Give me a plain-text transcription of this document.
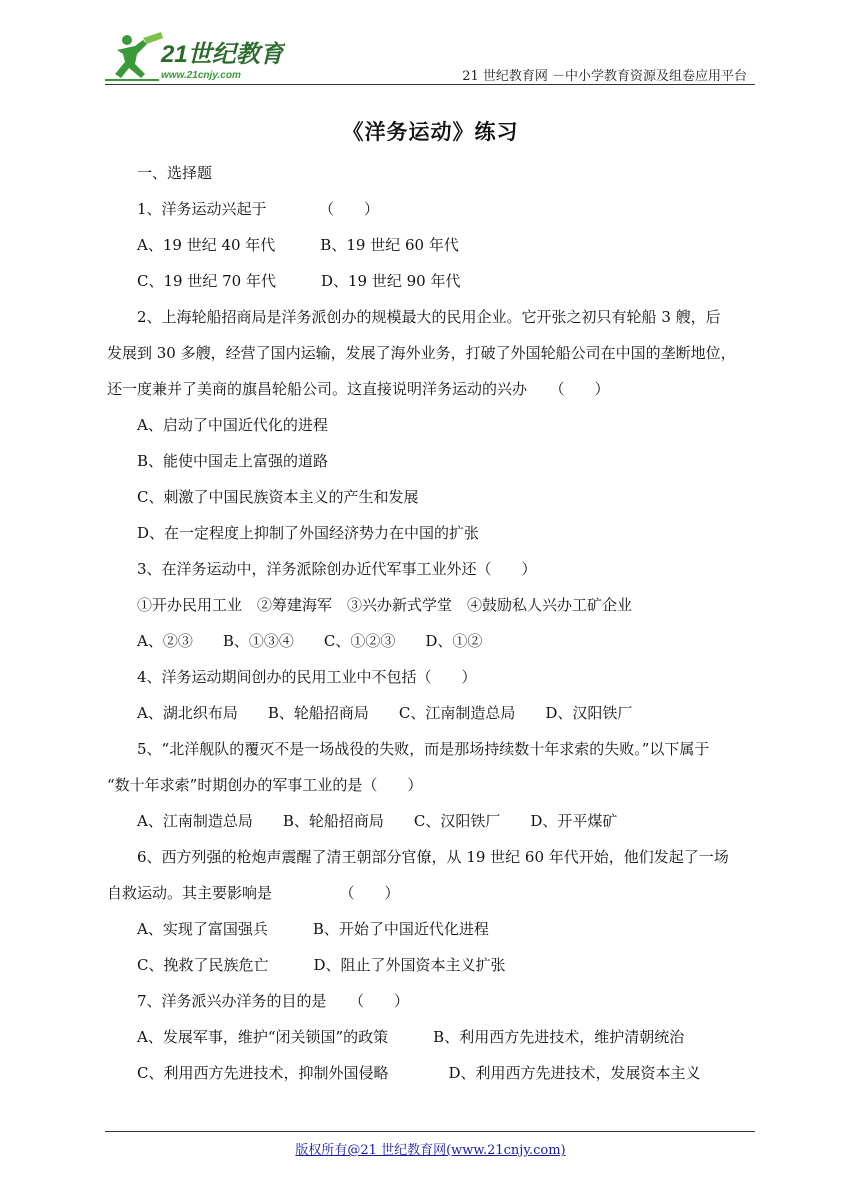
21世纪教育
www.21cnjy.com	21 世纪教育网 －中小学教育资源及组卷应用平台
《洋务运动》练习
一、选择题
1、洋务运动兴起于　　　　（　　）
A、19 世纪 40 年代　　　B、19 世纪 60 年代
C、19 世纪 70 年代　　　D、19 世纪 90 年代
2、上海轮船招商局是洋务派创办的规模最大的民用企业。它开张之初只有轮船 3 艘，后
发展到 30 多艘，经营了国内运输，发展了海外业务，打破了外国轮船公司在中国的垄断地位，
还一度兼并了美商的旗昌轮船公司。这直接说明洋务运动的兴办　　（　　）
A、启动了中国近代化的进程
B、能使中国走上富强的道路
C、刺激了中国民族资本主义的产生和发展
D、在一定程度上抑制了外国经济势力在中国的扩张
3、在洋务运动中，洋务派除创办近代军事工业外还（　　）
①开办民用工业　②筹建海军　③兴办新式学堂　④鼓励私人兴办工矿企业
A、②③　　B、①③④　　C、①②③　　D、①②
4、洋务运动期间创办的民用工业中不包括（　　）
A、湖北织布局　　B、轮船招商局　　C、江南制造总局　　D、汉阳铁厂
5、“北洋舰队的覆灭不是一场战役的失败，而是那场持续数十年求索的失败。”以下属于
“数十年求索”时期创办的军事工业的是（　　）
A、江南制造总局　　B、轮船招商局　　C、汉阳铁厂　　D、开平煤矿
6、西方列强的枪炮声震醒了清王朝部分官僚，从 19 世纪 60 年代开始，他们发起了一场
自救运动。其主要影响是　　　　　（　　）
A、实现了富国强兵　　　B、开始了中国近代化进程
C、挽救了民族危亡　　　D、阻止了外国资本主义扩张
7、洋务派兴办洋务的目的是　　（　　）
A、发展军事，维护“闭关锁国”的政策　　　B、利用西方先进技术，维护清朝统治
C、利用西方先进技术，抑制外国侵略　　　　D、利用西方先进技术，发展资本主义
版权所有@21 世纪教育网(www.21cnjy.com)
